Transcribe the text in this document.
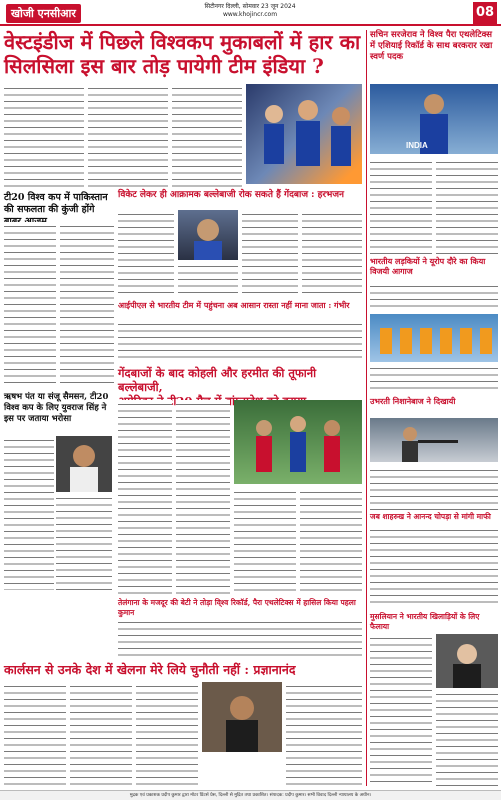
खोजी एनसीआर
सिटीनगर दिल्ली, सोमवार 23 जून 2024
www.khojincr.com	08
वेस्टइंडीज में पिछले विश्वकप मुकाबलों में हार का
सिलसिला इस बार तोड़ पायेगी टीम इंडिया ?
टी20 विश्व कप में पाकिस्तान की सफलता की कुंजी होंगे
विकेट लेकर ही आक्रामक बल्लेबाजी रोक सकते हैं गेंदबाज : हरभजन
आईपीएल से भारतीय टीम में पहुंचना अब आसान रास्ता नहीं माना जाता : गंभीर
ऋषभ पंत या संजू सैमसन, टी20 विश्व कप के लिए युवराज सिंह ने इस पर जताया भरोसा
गेंदबाजों के बाद कोहली और हरमीत की तूफानी बल्लेबाजी,
तेलंगाना के मजदूर की बेटी ने तोड़ा वि्श्व रिकॉर्ड, पैरा एथलेटिक्स में हासिल किया पहला कुमान
कार्लसन से उनके देश में खेलना मेरे लिये चुनौती नहीं : प्रज्ञानानंद
सचिन सरजेराव ने विश्व पैरा एथलेटिक्स में एशियाई रिकॉर्ड के साथ बरकरार रखा स्वर्ण पदक
INDIA
भारतीय लड़कियों ने यूरोप दौरे का किया विजयी आगाज
उभरती निशानेबाज ने दिखायी
जब शाहरुख ने आनन्द चोपड़ा से मांगी माफी
मुसलियान ने भारतीय खिलाड़ियों के लिए फैलाया
मुद्रक एवं प्रकाशक प्रदीप कुमार द्वारा मोटर प्रिंटर्स प्रेस, दिल्ली से मुद्रित तथा प्रकाशित। संपादक: प्रदीप कुमार। सभी विवाद दिल्ली न्यायालय के अधीन।
